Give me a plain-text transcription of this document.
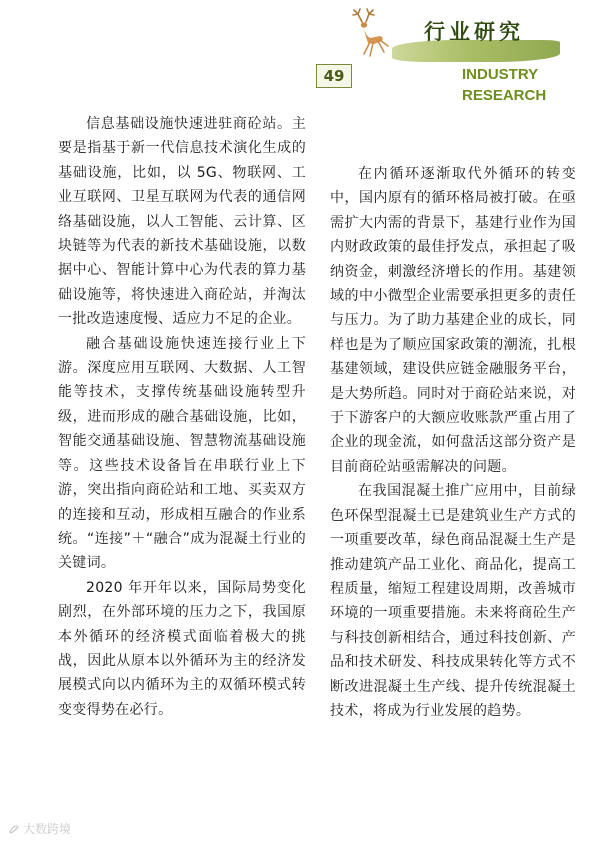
行业研究
49	INDUSTRY
RESEARCH

信息基础设施快速进驻商砼站。主要是指基于新一代信息技术演化生成的基础设施，比如，以 5G、物联网、工业互联网、卫星互联网为代表的通信网络基础设施，以人工智能、云计算、区块链等为代表的新技术基础设施，以数据中心、智能计算中心为代表的算力基础设施等，将快速进入商砼站，并淘汰一批改造速度慢、适应力不足的企业。

融合基础设施快速连接行业上下游。深度应用互联网、大数据、人工智能等技术，支撑传统基础设施转型升级，进而形成的融合基础设施，比如，智能交通基础设施、智慧物流基础设施等。这些技术设备旨在串联行业上下游，突出指向商砼站和工地、买卖双方的连接和互动，形成相互融合的作业系统。“连接”＋“融合”成为混凝土行业的关键词。

2020 年开年以来，国际局势变化剧烈，在外部环境的压力之下，我国原本外循环的经济模式面临着极大的挑战，因此从原本以外循环为主的经济发展模式向以内循环为主的双循环模式转变变得势在必行。

在内循环逐渐取代外循环的转变中，国内原有的循环格局被打破。在亟需扩大内需的背景下，基建行业作为国内财政政策的最佳抒发点，承担起了吸纳资金，刺激经济增长的作用。基建领域的中小微型企业需要承担更多的责任与压力。为了助力基建企业的成长，同样也是为了顺应国家政策的潮流，扎根基建领域，建设供应链金融服务平台，是大势所趋。同时对于商砼站来说，对于下游客户的大额应收账款严重占用了企业的现金流，如何盘活这部分资产是目前商砼站亟需解决的问题。

在我国混凝土推广应用中，目前绿色环保型混凝土已是建筑业生产方式的一项重要改革，绿色商品混凝土生产是推动建筑产品工业化、商品化，提高工程质量，缩短工程建设周期，改善城市环境的一项重要措施。未来将商砼生产与科技创新相结合，通过科技创新、产品和技术研发、科技成果转化等方式不断改进混凝土生产线、提升传统混凝土技术，将成为行业发展的趋势。

大数跨境
